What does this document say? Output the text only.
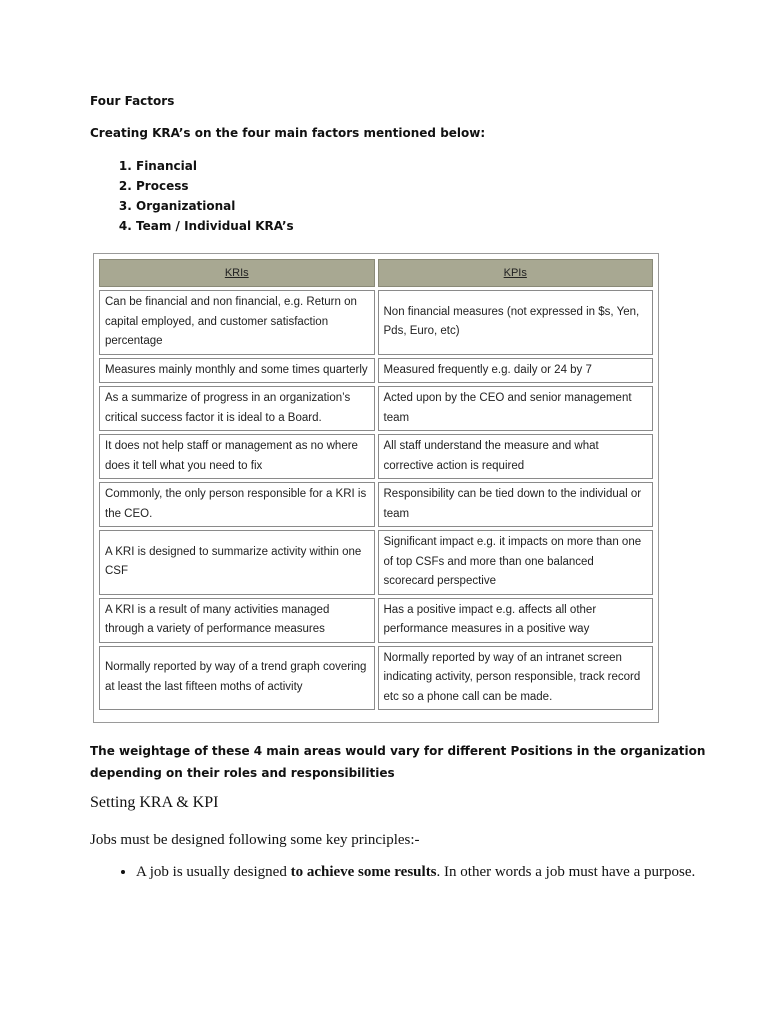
Four Factors
Creating KRA’s on the four main factors mentioned below:
1. Financial
2. Process
3. Organizational
4. Team / Individual KRA’s
KRIs	KPIs
Can be financial and non financial, e.g. Return on capital employed, and customer satisfaction percentage	Non financial measures (not expressed in $s, Yen, Pds, Euro, etc)
Measures mainly monthly and some times quarterly	Measured frequently e.g. daily or 24 by 7
As a summarize of progress in an organization’s critical success factor it is ideal to a Board.	Acted upon by the CEO and senior management team
It does not help staff or management as no where does it tell what you need to fix	All staff understand the measure and what corrective action is required
Commonly, the only person responsible for a KRI is the CEO.	Responsibility can be tied down to the individual or team
A KRI is designed to summarize activity within one CSF	Significant impact e.g. it impacts on more than one of top CSFs and more than one balanced scorecard perspective
A KRI is a result of many activities managed through a variety of performance measures	Has a positive impact e.g. affects all other performance measures in a positive way
Normally reported by way of a trend graph covering at least the last fifteen moths of activity	Normally reported by way of an intranet screen indicating activity, person responsible, track record etc so a phone call can be made.
The weightage of these 4 main areas would vary for different Positions in the organization depending on their roles and responsibilities
Setting KRA & KPI
Jobs must be designed following some key principles:-
• A job is usually designed to achieve some results. In other words a job must have a purpose.
